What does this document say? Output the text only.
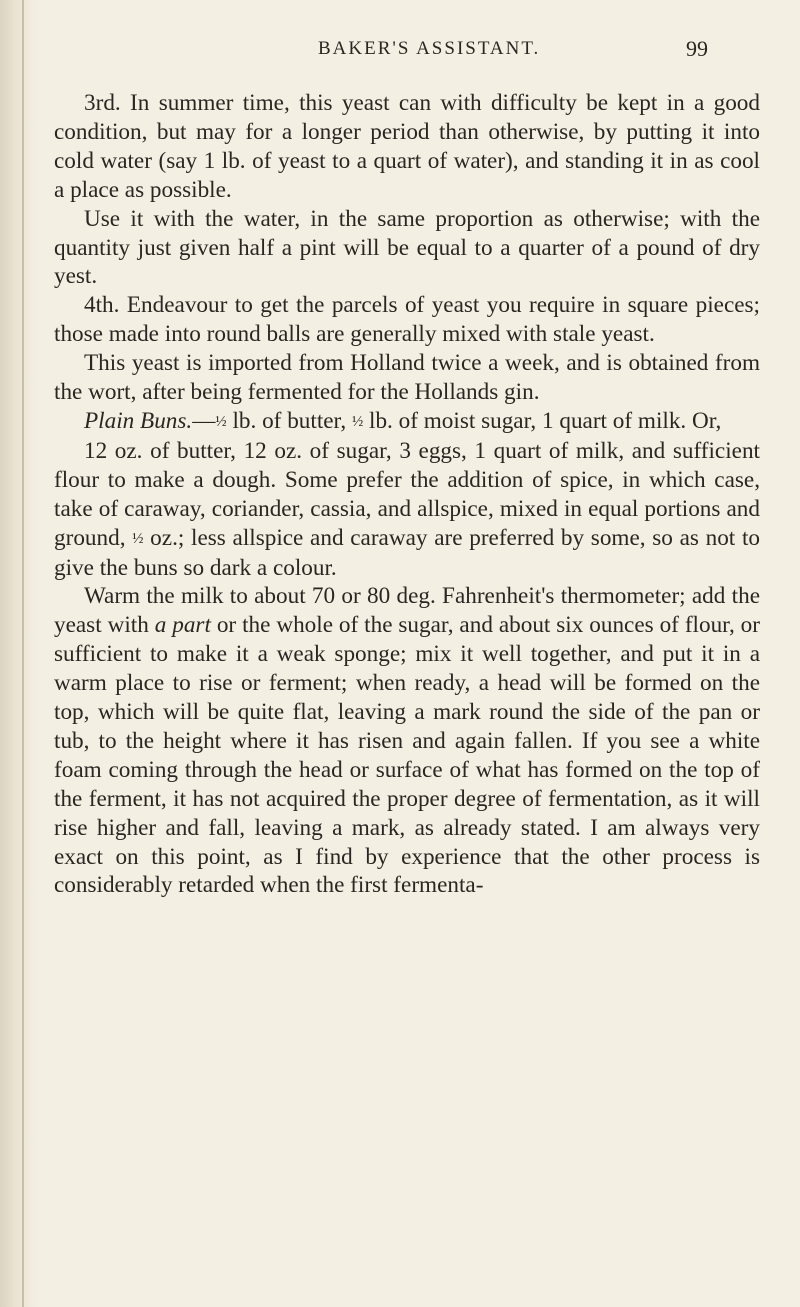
BAKER'S ASSISTANT.	99

3rd. In summer time, this yeast can with difficulty be kept in a good condition, but may for a longer period than otherwise, by putting it into cold water (say 1 lb. of yeast to a quart of water), and standing it in as cool a place as possible.

Use it with the water, in the same proportion as otherwise; with the quantity just given half a pint will be equal to a quarter of a pound of dry yest.

4th. Endeavour to get the parcels of yeast you require in square pieces; those made into round balls are generally mixed with stale yeast.

This yeast is imported from Holland twice a week, and is obtained from the wort, after being fermented for the Hollands gin.

Plain Buns.—½ lb. of butter, ½ lb. of moist sugar, 1 quart of milk. Or,

12 oz. of butter, 12 oz. of sugar, 3 eggs, 1 quart of milk, and sufficient flour to make a dough. Some prefer the addition of spice, in which case, take of caraway, coriander, cassia, and allspice, mixed in equal portions and ground, ½ oz.; less allspice and caraway are preferred by some, so as not to give the buns so dark a colour.

Warm the milk to about 70 or 80 deg. Fahrenheit's thermometer; add the yeast with a part or the whole of the sugar, and about six ounces of flour, or sufficient to make it a weak sponge; mix it well together, and put it in a warm place to rise or ferment; when ready, a head will be formed on the top, which will be quite flat, leaving a mark round the side of the pan or tub, to the height where it has risen and again fallen. If you see a white foam coming through the head or surface of what has formed on the top of the ferment, it has not acquired the proper degree of fermentation, as it will rise higher and fall, leaving a mark, as already stated. I am always very exact on this point, as I find by experience that the other process is considerably retarded when the first fermenta-
